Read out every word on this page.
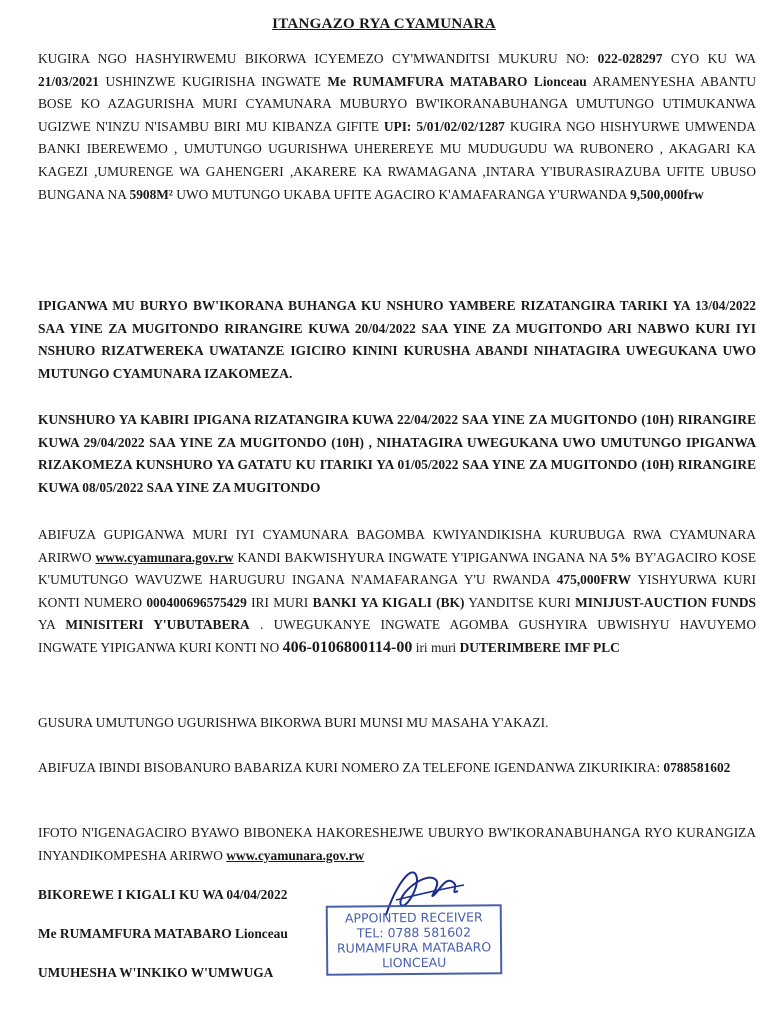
ITANGAZO RYA CYAMUNARA
KUGIRA NGO HASHYIRWEMU BIKORWA ICYEMEZO CY'MWANDITSI MUKURU NO: 022-028297 CYO KU WA 21/03/2021 USHINZWE KUGIRISHA INGWATE Me RUMAMFURA MATABARO Lionceau ARAMENYESHA ABANTU BOSE KO AZAGURISHA MURI CYAMUNARA MUBURYO BW'IKORANABUHANGA UMUTUNGO UTIMUKANWA UGIZWE N'INZU N'ISAMBU BIRI MU KIBANZA GIFITE UPI: 5/01/02/02/1287 KUGIRA NGO HISHYURWE UMWENDA BANKI IBEREWEMO , UMUTUNGO UGURISHWA UHEREREYE MU MUDUGUDU WA RUBONERO , AKAGARI KA KAGEZI ,UMURENGE WA GAHENGERI ,AKARERE KA RWAMAGANA ,INTARA Y'IBURASIRAZUBA UFITE UBUSO BUNGANA NA 5908M² UWO MUTUNGO UKABA UFITE AGACIRO K'AMAFARANGA Y'URWANDA 9,500,000frw
IPIGANWA MU BURYO BW'IKORANA BUHANGA KU NSHURO YAMBERE RIZATANGIRA TARIKI YA 13/04/2022 SAA YINE ZA MUGITONDO RIRANGIRE KUWA 20/04/2022 SAA YINE ZA MUGITONDO ARI NABWO KURI IYI NSHURO RIZATWEREKA UWATANZE IGICIRO KININI KURUSHA ABANDI NIHATAGIRA UWEGUKANA UWO MUTUNGO CYAMUNARA IZAKOMEZA.
KUNSHURO YA KABIRI IPIGANA RIZATANGIRA KUWA 22/04/2022 SAA YINE ZA MUGITONDO (10H) RIRANGIRE KUWA 29/04/2022 SAA YINE ZA MUGITONDO (10H) , NIHATAGIRA UWEGUKANA UWO UMUTUNGO IPIGANWA RIZAKOMEZA KUNSHURO YA GATATU KU ITARIKI YA 01/05/2022 SAA YINE ZA MUGITONDO (10H) RIRANGIRE KUWA 08/05/2022 SAA YINE ZA MUGITONDO
ABIFUZA GUPIGANWA MURI IYI CYAMUNARA BAGOMBA KWIYANDIKISHA KURUBUGA RWA CYAMUNARA ARIRWO www.cyamunara.gov.rw KANDI BAKWISHYURA INGWATE Y'IPIGANWA INGANA NA 5% BY'AGACIRO KOSE K'UMUTUNGO WAVUZWE HARUGURU INGANA N'AMAFARANGA Y'U RWANDA 475,000FRW YISHYURWA KURI KONTI NUMERO 000400696575429 IRI MURI BANKI YA KIGALI (BK) YANDITSE KURI MINIJUST-AUCTION FUNDS YA MINISITERI Y'UBUTABERA . UWEGUKANYE INGWATE AGOMBA GUSHYIRA UBWISHYU HAVUYEMO INGWATE YIPIGANWA KURI KONTI NO 406-0106800114-00 iri muri DUTERIMBERE IMF PLC
GUSURA UMUTUNGO UGURISHWA BIKORWA BURI MUNSI MU MASAHA Y'AKAZI.
ABIFUZA IBINDI BISOBANURO BABARIZA KURI NOMERO ZA TELEFONE IGENDANWA ZIKURIKIRA: 0788581602
IFOTO N'IGENAGACIRO BYAWO BIBONEKA HAKORESHEJWE UBURYO BW'IKORANABUHANGA RYO KURANGIZA INYANDIKOMPESHA ARIRWO www.cyamunara.gov.rw
BIKOREWE I KIGALI KU WA 04/04/2022
Me RUMAMFURA MATABARO Lionceau
UMUHESHA W'INKIKO W'UMWUGA
APPOINTED RECEIVER
TEL: 0788 581602
RUMAMFURA MATABARO
LIONCEAU
